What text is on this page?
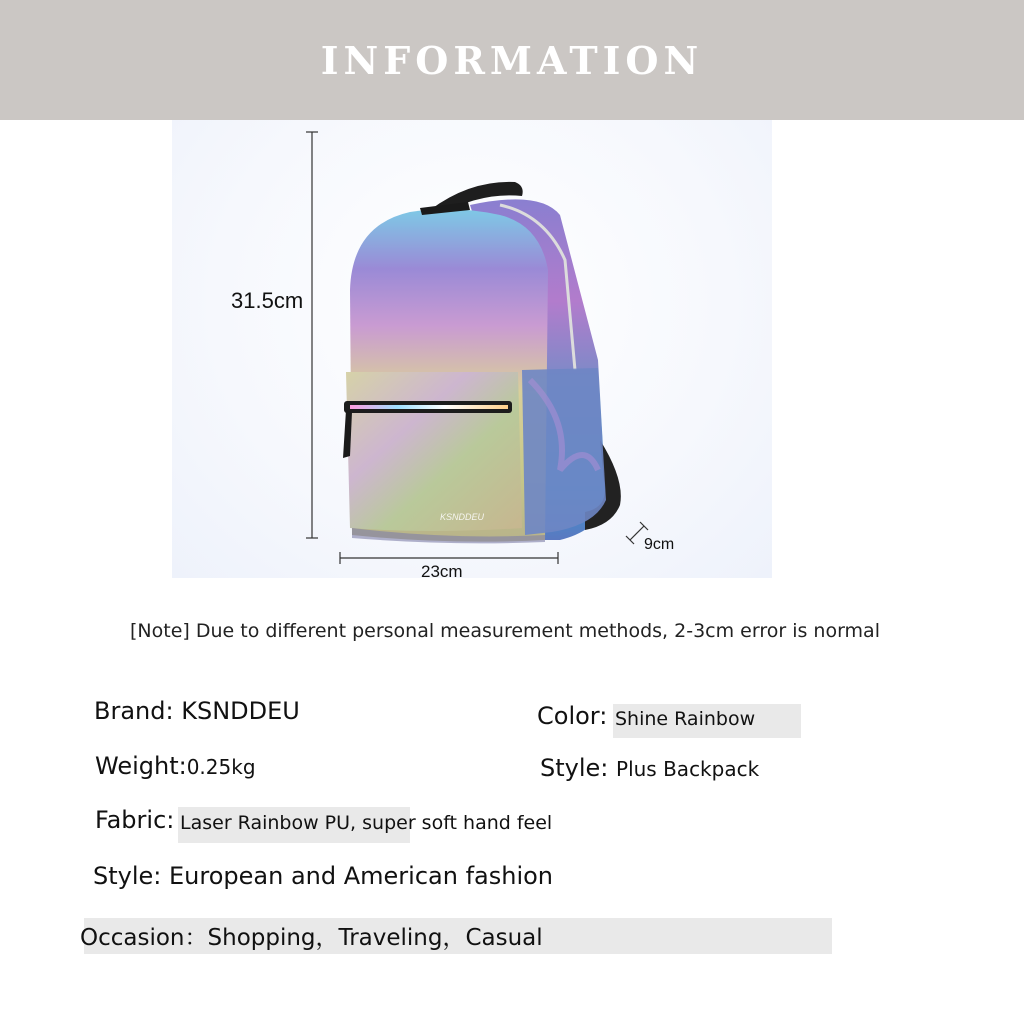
INFORMATION
KSNDDEU
31.5cm
23cm
9cm
[Note] Due to different personal measurement methods, 2-3cm error is normal
Brand: KSNDDEU	Color: Shine Rainbow
Weight:0.25kg	Style: Plus Backpack
Fabric: Laser Rainbow PU, super soft hand feel
Style: European and American fashion
Occasion：Shopping，Traveling，Casual
